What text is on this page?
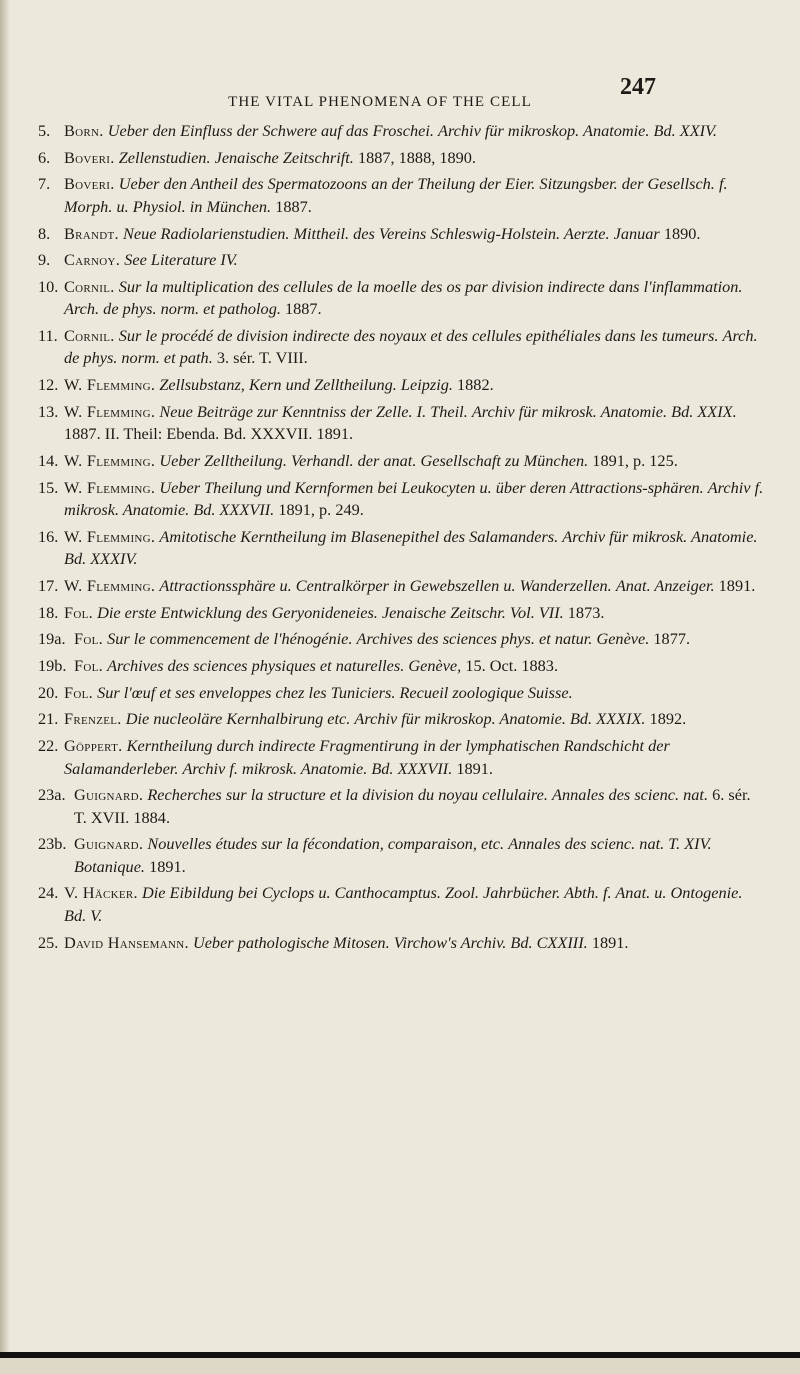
THE VITAL PHENOMENA OF THE CELL
247
5. Born. Ueber den Einfluss der Schwere auf das Froschei. Archiv für mikroskop. Anatomie. Bd. XXIV.
6. Boveri. Zellenstudien. Jenaische Zeitschrift. 1887, 1888, 1890.
7. Boveri. Ueber den Antheil des Spermatozoons an der Theilung der Eier. Sitzungsber. der Gesellsch. f. Morph. u. Physiol. in München. 1887.
8. Brandt. Neue Radiolarienstudien. Mittheil. des Vereins Schleswig-Holstein. Aerzte. Januar 1890.
9. Carnoy. See Literature IV.
10. Cornil. Sur la multiplication des cellules de la moelle des os par division indirecte dans l'inflammation. Arch. de phys. norm. et patholog. 1887.
11. Cornil. Sur le procédé de division indirecte des noyaux et des cellules epithéliales dans les tumeurs. Arch. de phys. norm. et path. 3. sér. T. VIII.
12. W. Flemming. Zellsubstanz, Kern und Zelltheilung. Leipzig. 1882.
13. W. Flemming. Neue Beiträge zur Kenntniss der Zelle. I. Theil. Archiv für mikrosk. Anatomie. Bd. XXIX. 1887. II. Theil: Ebenda. Bd. XXXVII. 1891.
14. W. Flemming. Ueber Zelltheilung. Verhandl. der anat. Gesellschaft zu München. 1891, p. 125.
15. W. Flemming. Ueber Theilung und Kernformen bei Leukocyten u. über deren Attractions-sphären. Archiv f. mikrosk. Anatomie. Bd. XXXVII. 1891, p. 249.
16. W. Flemming. Amitotische Kerntheilung im Blasenepithel des Salamanders. Archiv für mikrosk. Anatomie. Bd. XXXIV.
17. W. Flemming. Attractionssphäre u. Centralkörper in Gewebszellen u. Wanderzellen. Anat. Anzeiger. 1891.
18. Fol. Die erste Entwicklung des Geryonideneies. Jenaische Zeitschr. Vol. VII. 1873.
19a. Fol. Sur le commencement de l'hénogénie. Archives des sciences phys. et natur. Genève. 1877.
19b. Fol. Archives des sciences physiques et naturelles. Genève, 15. Oct. 1883.
20. Fol. Sur l'œuf et ses enveloppes chez les Tuniciers. Recueil zoologique Suisse.
21. Frenzel. Die nucleoläre Kernhalbirung etc. Archiv für mikroskop. Anatomie. Bd. XXXIX. 1892.
22. Göppert. Kerntheilung durch indirecte Fragmentirung in der lymphatischen Randschicht der Salamanderleber. Archiv f. mikrosk. Anatomie. Bd. XXXVII. 1891.
23a. Guignard. Recherches sur la structure et la division du noyau cellulaire. Annales des scienc. nat. 6. sér. T. XVII. 1884.
23b. Guignard. Nouvelles études sur la fécondation, comparaison, etc. Annales des scienc. nat. T. XIV. Botanique. 1891.
24. V. Häcker. Die Eibildung bei Cyclops u. Canthocamptus. Zool. Jahrbücher. Abth. f. Anat. u. Ontogenie. Bd. V.
25. David Hansemann. Ueber pathologische Mitosen. Virchow's Archiv. Bd. CXXIII. 1891.
